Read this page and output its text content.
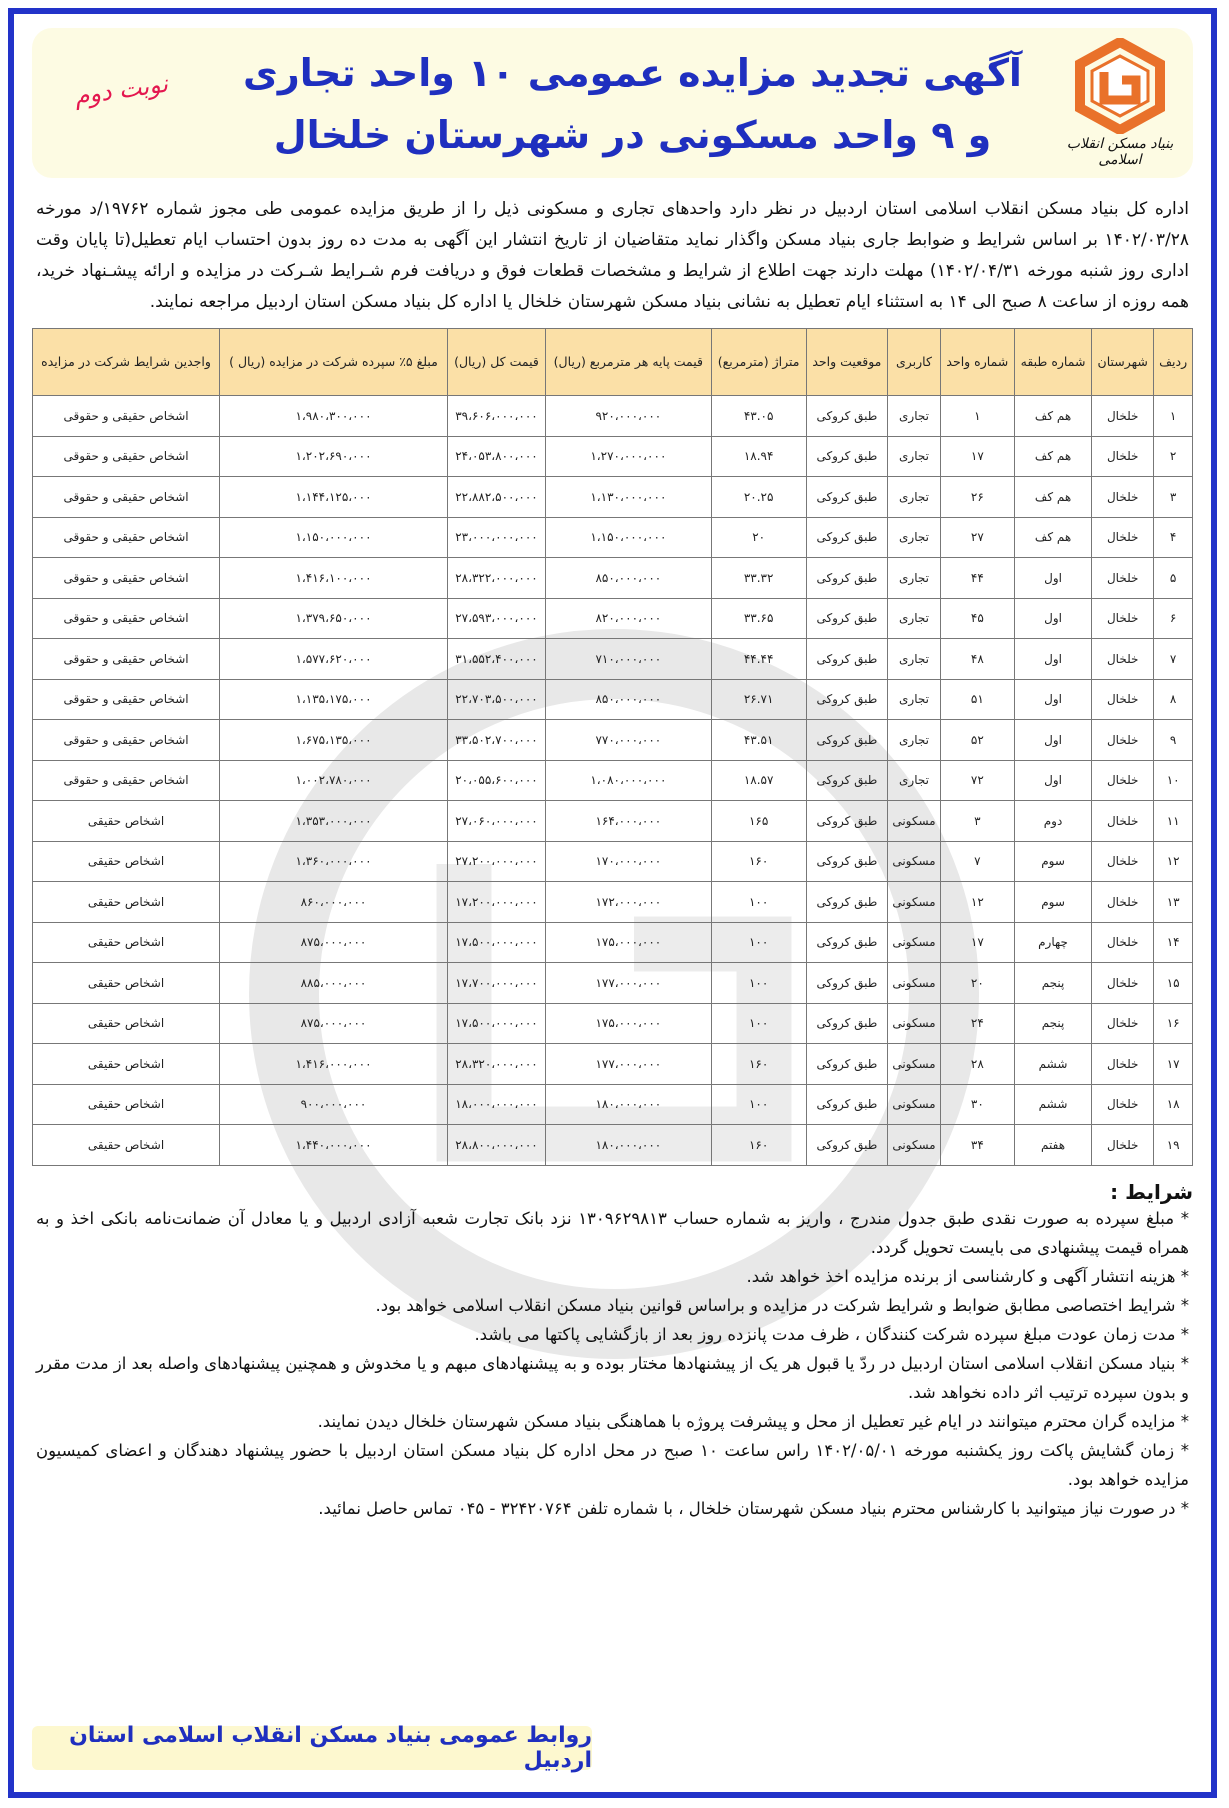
بنیاد مسکن انقلاب اسلامی
آگهی تجدید مزایده عمومی ۱۰ واحد تجاری
و ۹ واحد مسکونی در شهرستان خلخال
نوبت دوم
اداره کل بنیاد مسکن انقلاب اسلامی استان اردبیل در نظر دارد واحدهای تجاری و مسکونی ذیل را از طریق مزایده عمومی طی مجوز شماره ۱۹۷۶۲/د مورخه ۱۴۰۲/۰۳/۲۸ بر اساس شرایط و ضوابط جاری بنیاد مسکن واگذار نماید متقاضیان از تاریخ انتشار این آگهی به مدت ده روز بدون احتساب ایام تعطیل(تا پایان وقت اداری روز شنبه مورخه ۱۴۰۲/۰۴/۳۱) مهلت دارند جهت اطلاع از شرایط و مشخصات قطعات فوق و دریافت فرم شـرایط شـرکت در مزایده و ارائه پیشـنهاد خرید، همه روزه از ساعت ۸ صبح الی ۱۴ به استثناء ایام تعطیل به نشانی بنیاد مسکن شهرستان خلخال یا اداره کل بنیاد مسکن استان اردبیل مراجعه نمایند.
ردیف	شهرستان	شماره طبقه	شماره واحد	کاربری	موقعیت واحد	متراژ (مترمربع)	قیمت پایه هر مترمربع (ریال)	قیمت کل (ریال)	مبلغ ۵٪ سپرده شرکت در مزایده (ریال )	واجدین شرایط شرکت در مزایده
۱	خلخال	هم کف	۱	تجاری	طبق کروکی	۴۳.۰۵	۹۲۰،۰۰۰،۰۰۰	۳۹،۶۰۶،۰۰۰،۰۰۰	۱،۹۸۰،۳۰۰،۰۰۰	اشخاص حقیقی و حقوقی
۲	خلخال	هم کف	۱۷	تجاری	طبق کروکی	۱۸.۹۴	۱،۲۷۰،۰۰۰،۰۰۰	۲۴،۰۵۳،۸۰۰،۰۰۰	۱،۲۰۲،۶۹۰،۰۰۰	اشخاص حقیقی و حقوقی
۳	خلخال	هم کف	۲۶	تجاری	طبق کروکی	۲۰.۲۵	۱،۱۳۰،۰۰۰،۰۰۰	۲۲،۸۸۲،۵۰۰،۰۰۰	۱،۱۴۴،۱۲۵،۰۰۰	اشخاص حقیقی و حقوقی
۴	خلخال	هم کف	۲۷	تجاری	طبق کروکی	۲۰	۱،۱۵۰،۰۰۰،۰۰۰	۲۳،۰۰۰،۰۰۰،۰۰۰	۱،۱۵۰،۰۰۰،۰۰۰	اشخاص حقیقی و حقوقی
۵	خلخال	اول	۴۴	تجاری	طبق کروکی	۳۳.۳۲	۸۵۰،۰۰۰،۰۰۰	۲۸،۳۲۲،۰۰۰،۰۰۰	۱،۴۱۶،۱۰۰،۰۰۰	اشخاص حقیقی و حقوقی
۶	خلخال	اول	۴۵	تجاری	طبق کروکی	۳۳.۶۵	۸۲۰،۰۰۰،۰۰۰	۲۷،۵۹۳،۰۰۰،۰۰۰	۱،۳۷۹،۶۵۰،۰۰۰	اشخاص حقیقی و حقوقی
۷	خلخال	اول	۴۸	تجاری	طبق کروکی	۴۴.۴۴	۷۱۰،۰۰۰،۰۰۰	۳۱،۵۵۲،۴۰۰،۰۰۰	۱،۵۷۷،۶۲۰،۰۰۰	اشخاص حقیقی و حقوقی
۸	خلخال	اول	۵۱	تجاری	طبق کروکی	۲۶.۷۱	۸۵۰،۰۰۰،۰۰۰	۲۲،۷۰۳،۵۰۰،۰۰۰	۱،۱۳۵،۱۷۵،۰۰۰	اشخاص حقیقی و حقوقی
۹	خلخال	اول	۵۲	تجاری	طبق کروکی	۴۳.۵۱	۷۷۰،۰۰۰،۰۰۰	۳۳،۵۰۲،۷۰۰،۰۰۰	۱،۶۷۵،۱۳۵،۰۰۰	اشخاص حقیقی و حقوقی
۱۰	خلخال	اول	۷۲	تجاری	طبق کروکی	۱۸.۵۷	۱،۰۸۰،۰۰۰،۰۰۰	۲۰،۰۵۵،۶۰۰،۰۰۰	۱،۰۰۲،۷۸۰،۰۰۰	اشخاص حقیقی و حقوقی
۱۱	خلخال	دوم	۳	مسکونی	طبق کروکی	۱۶۵	۱۶۴،۰۰۰،۰۰۰	۲۷،۰۶۰،۰۰۰،۰۰۰	۱،۳۵۳،۰۰۰،۰۰۰	اشخاص حقیقی
۱۲	خلخال	سوم	۷	مسکونی	طبق کروکی	۱۶۰	۱۷۰،۰۰۰،۰۰۰	۲۷،۲۰۰،۰۰۰،۰۰۰	۱،۳۶۰،۰۰۰،۰۰۰	اشخاص حقیقی
۱۳	خلخال	سوم	۱۲	مسکونی	طبق کروکی	۱۰۰	۱۷۲،۰۰۰،۰۰۰	۱۷،۲۰۰،۰۰۰،۰۰۰	۸۶۰،۰۰۰،۰۰۰	اشخاص حقیقی
۱۴	خلخال	چهارم	۱۷	مسکونی	طبق کروکی	۱۰۰	۱۷۵،۰۰۰،۰۰۰	۱۷،۵۰۰،۰۰۰،۰۰۰	۸۷۵،۰۰۰،۰۰۰	اشخاص حقیقی
۱۵	خلخال	پنجم	۲۰	مسکونی	طبق کروکی	۱۰۰	۱۷۷،۰۰۰،۰۰۰	۱۷،۷۰۰،۰۰۰،۰۰۰	۸۸۵،۰۰۰،۰۰۰	اشخاص حقیقی
۱۶	خلخال	پنجم	۲۴	مسکونی	طبق کروکی	۱۰۰	۱۷۵،۰۰۰،۰۰۰	۱۷،۵۰۰،۰۰۰،۰۰۰	۸۷۵،۰۰۰،۰۰۰	اشخاص حقیقی
۱۷	خلخال	ششم	۲۸	مسکونی	طبق کروکی	۱۶۰	۱۷۷،۰۰۰،۰۰۰	۲۸،۳۲۰،۰۰۰،۰۰۰	۱،۴۱۶،۰۰۰،۰۰۰	اشخاص حقیقی
۱۸	خلخال	ششم	۳۰	مسکونی	طبق کروکی	۱۰۰	۱۸۰،۰۰۰،۰۰۰	۱۸،۰۰۰،۰۰۰،۰۰۰	۹۰۰،۰۰۰،۰۰۰	اشخاص حقیقی
۱۹	خلخال	هفتم	۳۴	مسکونی	طبق کروکی	۱۶۰	۱۸۰،۰۰۰،۰۰۰	۲۸،۸۰۰،۰۰۰،۰۰۰	۱،۴۴۰،۰۰۰،۰۰۰	اشخاص حقیقی
شرایط :
* مبلغ سپرده به صورت نقدی طبق جدول مندرج ، واریز به شماره حساب ۱۳۰۹۶۲۹۸۱۳ نزد بانک تجارت شعبه آزادی اردبیل و یا معادل آن ضمانت‌نامه بانکی اخذ و به همراه قیمت پیشنهادی می بایست تحویل گردد.
* هزینه انتشار آگهی و کارشناسی از برنده مزایده اخذ خواهد شد.
* شرایط اختصاصی مطابق ضوابط و شرایط شرکت در مزایده و براساس قوانین بنیاد مسکن انقلاب اسلامی خواهد بود.
* مدت زمان عودت مبلغ سپرده شرکت کنندگان ، ظرف مدت پانزده روز بعد از بازگشایی پاکتها می باشد.
* بنیاد مسکن انقلاب اسلامی استان اردبیل در ردّ یا قبول هر یک از پیشنهادها مختار بوده و به پیشنهادهای مبهم و یا مخدوش و همچنین پیشنهادهای واصله بعد از مدت مقرر و بدون سپرده ترتیب اثر داده نخواهد شد.
* مزایده گران محترم میتوانند در ایام غیر تعطیل از محل و پیشرفت پروژه با هماهنگی بنیاد مسکن شهرستان خلخال دیدن نمایند.
* زمان گشایش پاکت روز یکشنبه مورخه ۱۴۰۲/۰۵/۰۱ راس ساعت ۱۰ صبح در محل اداره کل بنیاد مسکن استان اردبیل با حضور پیشنهاد دهندگان و اعضای کمیسیون مزایده خواهد بود.
* در صورت نیاز میتوانید با کارشناس محترم بنیاد مسکن شهرستان خلخال ، با شماره تلفن ۳۲۴۲۰۷۶۴ - ۰۴۵ تماس حاصل نمائید.
روابط عمومی بنیاد مسکن انقلاب اسلامی استان اردبیل
